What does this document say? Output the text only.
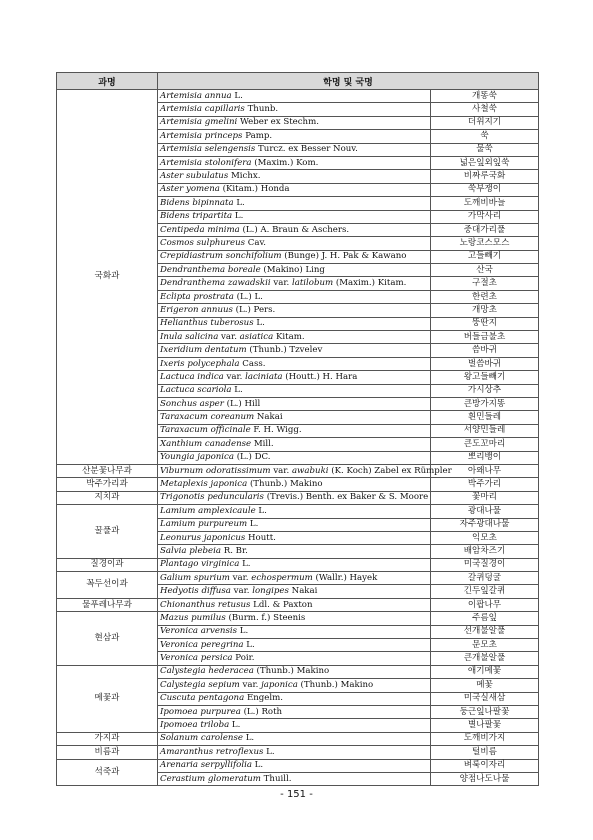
과명	학명 및 국명	
국화과	Artemisia annua L.	개똥쑥
	Artemisia capillaris Thunb.	사철쑥
	Artemisia gmelini Weber ex Stechm.	더위지기
	Artemisia princeps Pamp.	쑥
	Artemisia selengensis Turcz. ex Besser Nouv.	물쑥
	Artemisia stolonifera (Maxim.) Kom.	넓은잎외잎쑥
	Aster subulatus Michx.	비짜루국화
	Aster yomena (Kitam.) Honda	쑥부쟁이
	Bidens bipinnata L.	도깨비바늘
	Bidens tripartita L.	가막사리
	Centipeda minima (L.) A. Braun & Aschers.	중대가리풀
	Cosmos sulphureus Cav.	노랑코스모스
	Crepidiastrum sonchifolium (Bunge) J. H. Pak & Kawano	고들빼기
	Dendranthema boreale (Makino) Ling	산국
	Dendranthema zawadskii var. latilobum (Maxim.) Kitam.	구절초
	Eclipta prostrata (L.) L.	한련초
	Erigeron annuus (L.) Pers.	개망초
	Helianthus tuberosus L.	뚱딴지
	Inula salicina var. asiatica Kitam.	버들금불초
	Ixeridium dentatum (Thunb.) Tzvelev	씀바귀
	Ixeris polycephala Cass.	벌씀바귀
	Lactuca indica var. laciniata (Houtt.) H. Hara	왕고들빼기
	Lactuca scariola L.	가시상추
	Sonchus asper (L.) Hill	큰방가지똥
	Taraxacum coreanum Nakai	흰민들레
	Taraxacum officinale F. H. Wigg.	서양민들레
	Xanthium canadense Mill.	큰도꼬마리
	Youngia japonica (L.) DC.	뽀리뱅이
산분꽃나무과	Viburnum odoratissimum var. awabuki (K. Koch) Zabel ex Rümpler	아왜나무
박주가리과	Metaplexis japonica (Thunb.) Makino	박주가리
지치과	Trigonotis peduncularis (Trevis.) Benth. ex Baker & S. Moore	꽃마리
꿀풀과	Lamium amplexicaule L.	광대나물
	Lamium purpureum L.	자주광대나물
	Leonurus japonicus Houtt.	익모초
	Salvia plebeia R. Br.	배암차즈기
질경이과	Plantago virginica L.	미국질경이
꼭두선이과	Galium spurium var. echospermum (Wallr.) Hayek	갈퀴덩굴
	Hedyotis diffusa var. longipes Nakai	긴두잎갈퀴
물푸레나무과	Chionanthus retusus Ldl. & Paxton	이팝나무
현삼과	Mazus pumilus (Burm. f.) Steenis	주름잎
	Veronica arvensis L.	선개불알풀
	Veronica peregrina L.	문모초
	Veronica persica Poir.	큰개불알풀
메꽃과	Calystegia hederacea (Thunb.) Makino	애기메꽃
	Calystegia sepium var. japonica (Thunb.) Makino	메꽃
	Cuscuta pentagona Engelm.	미국실새삼
	Ipomoea purpurea (L.) Roth	둥근잎나팔꽃
	Ipomoea triloba L.	별나팔꽃
가지과	Solanum carolense L.	도깨비가지
비름과	Amaranthus retroflexus L.	털비름
석죽과	Arenaria serpyllifolia L.	벼룩이자리
	Cerastium glomeratum Thuill.	양점나도나물
- 151 -
